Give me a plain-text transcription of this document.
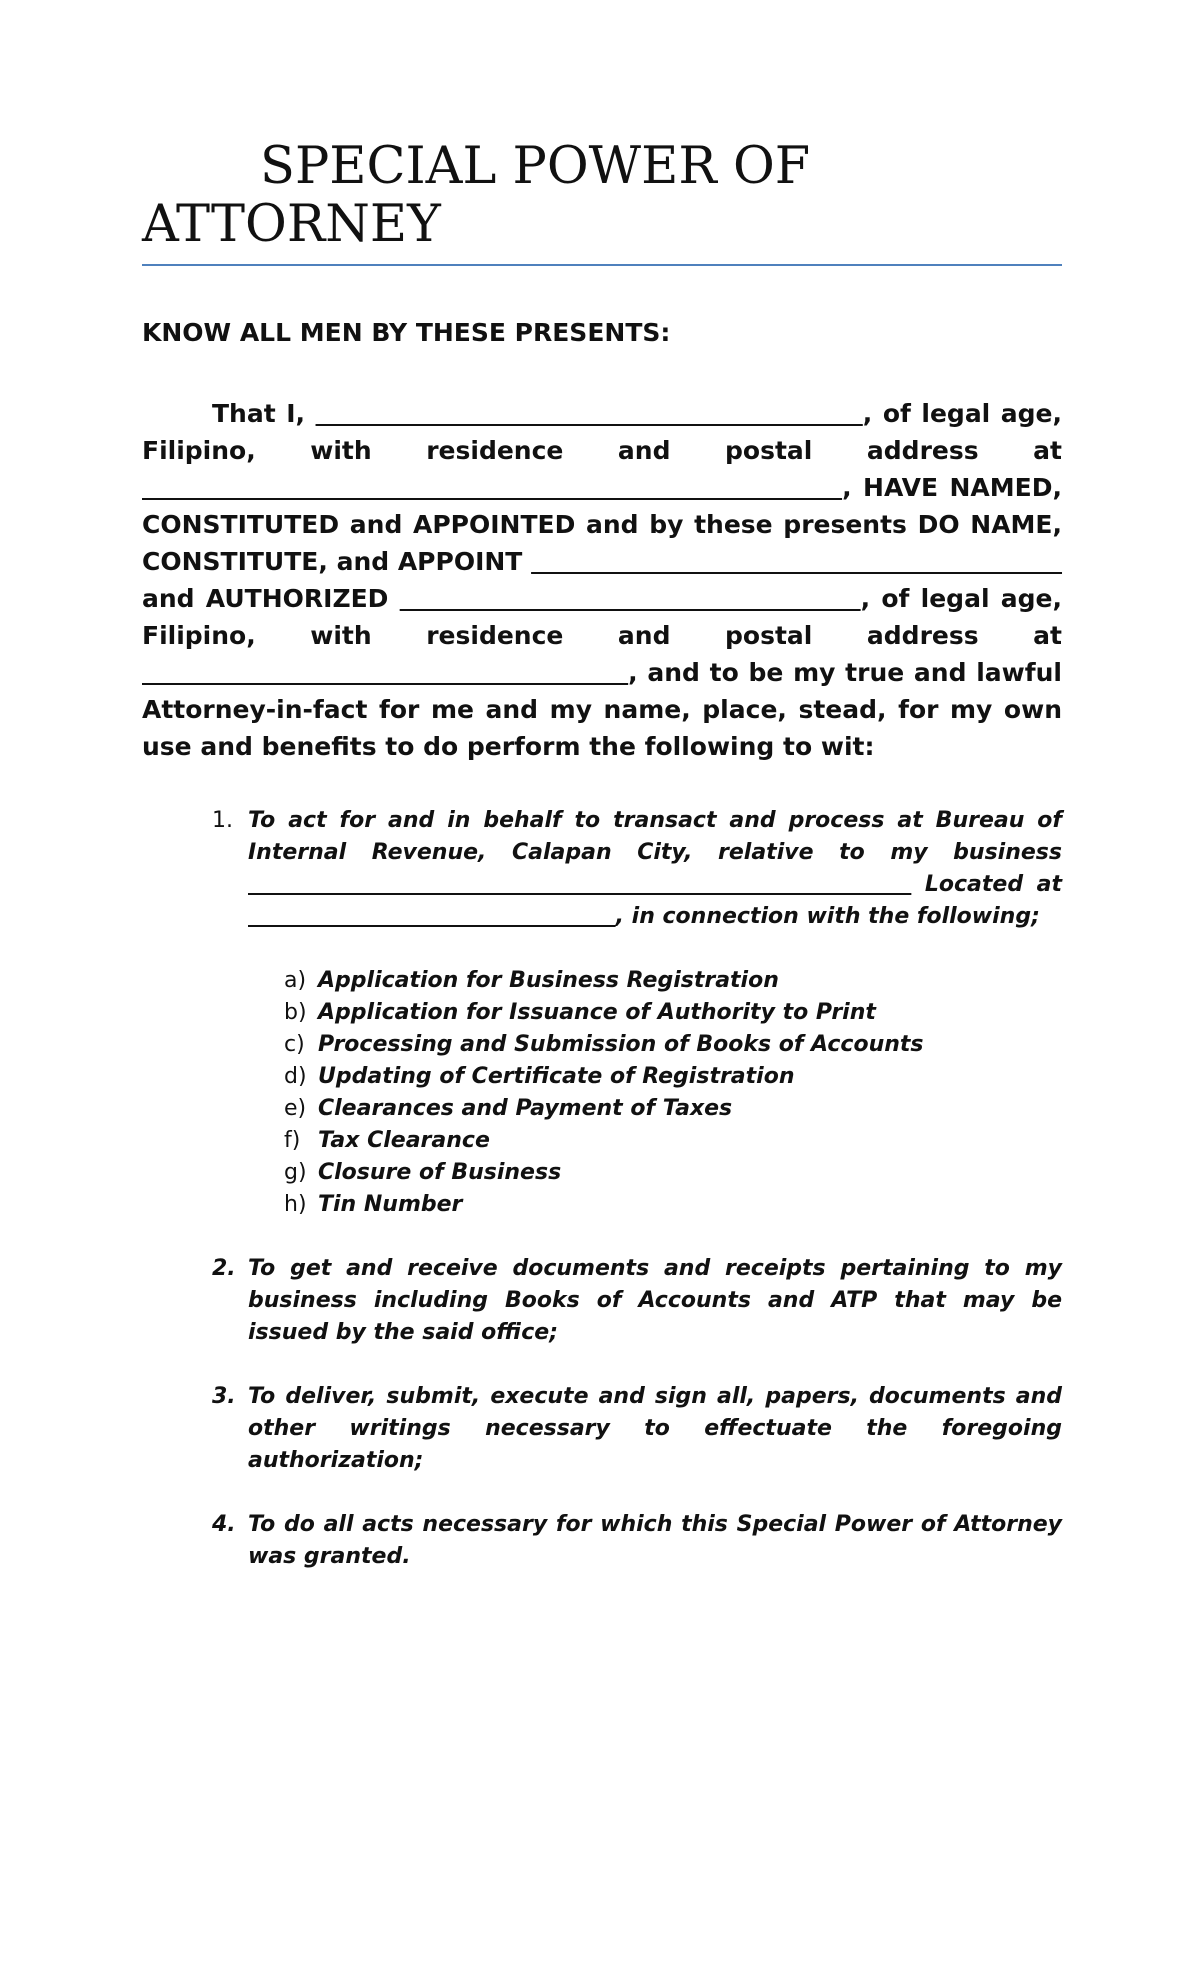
SPECIAL POWER OF ATTORNEY

KNOW ALL MEN BY THESE PRESENTS:

That I,	, of legal age, Filipino, with residence and postal address at                                                              , HAVE NAMED, CONSTITUTED and APPOINTED and by these presents DO NAME, CONSTITUTE, and APPOINT                                                               and AUTHORIZED	, of legal age, Filipino, with residence and postal address at                                                   , and to be my true and lawful Attorney-in-fact for me and my name, place, stead, for my own use and benefits to do perform the following to wit:

1. To act for and in behalf to transact and process at Bureau of Internal Revenue, Calapan City, relative to my business                                                   Located at                                                 , in connection with the following;
a) Application for Business Registration
b) Application for Issuance of Authority to Print
c) Processing and Submission of Books of Accounts
d) Updating of Certificate of Registration
e) Clearances and Payment of Taxes
f) Tax Clearance
g) Closure of Business
h) Tin Number
2. To get and receive documents and receipts pertaining to my business including Books of Accounts and ATP that may be issued by the said office;
3. To deliver, submit, execute and sign all, papers, documents and other writings necessary to effectuate the foregoing authorization;
4. To do all acts necessary for which this Special Power of Attorney was granted.
